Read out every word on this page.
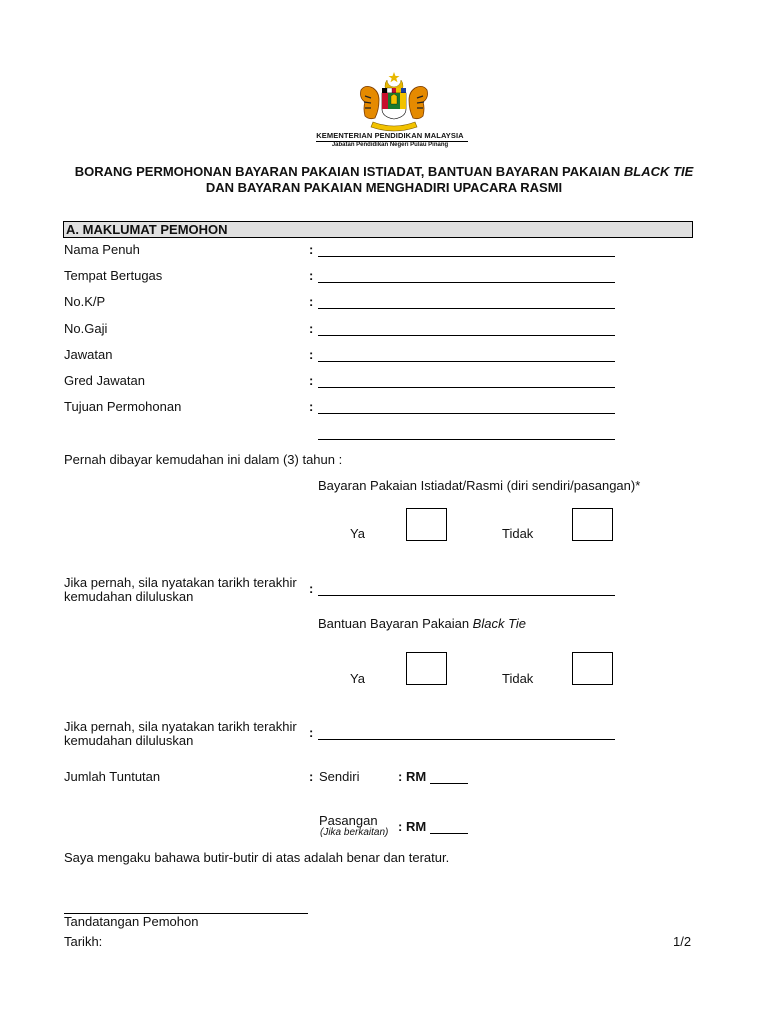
KEMENTERIAN PENDIDIKAN MALAYSIA
Jabatan Pendidikan Negeri Pulau Pinang
BORANG PERMOHONAN BAYARAN PAKAIAN ISTIADAT, BANTUAN BAYARAN PAKAIAN BLACK TIE
DAN BAYARAN PAKAIAN MENGHADIRI UPACARA RASMI
A. MAKLUMAT PEMOHON
Nama Penuh	:
Tempat Bertugas	:
No.K/P	:
No.Gaji	:
Jawatan	:
Gred Jawatan	:
Tujuan Permohonan	:
Pernah dibayar kemudahan ini dalam (3) tahun :
Bayaran Pakaian Istiadat/Rasmi (diri sendiri/pasangan)*
Ya	Tidak
Jika pernah, sila nyatakan tarikh terakhir
kemudahan diluluskan
:
Bantuan Bayaran Pakaian Black Tie
Ya	Tidak
Jika pernah, sila nyatakan tarikh terakhir
kemudahan diluluskan
:
Jumlah Tuntutan	: Sendiri	: RM
Pasangan
(Jika berkaitan) : RM
Saya mengaku bahawa butir-butir di atas adalah benar dan teratur.
Tandatangan Pemohon
Tarikh:	1/2
